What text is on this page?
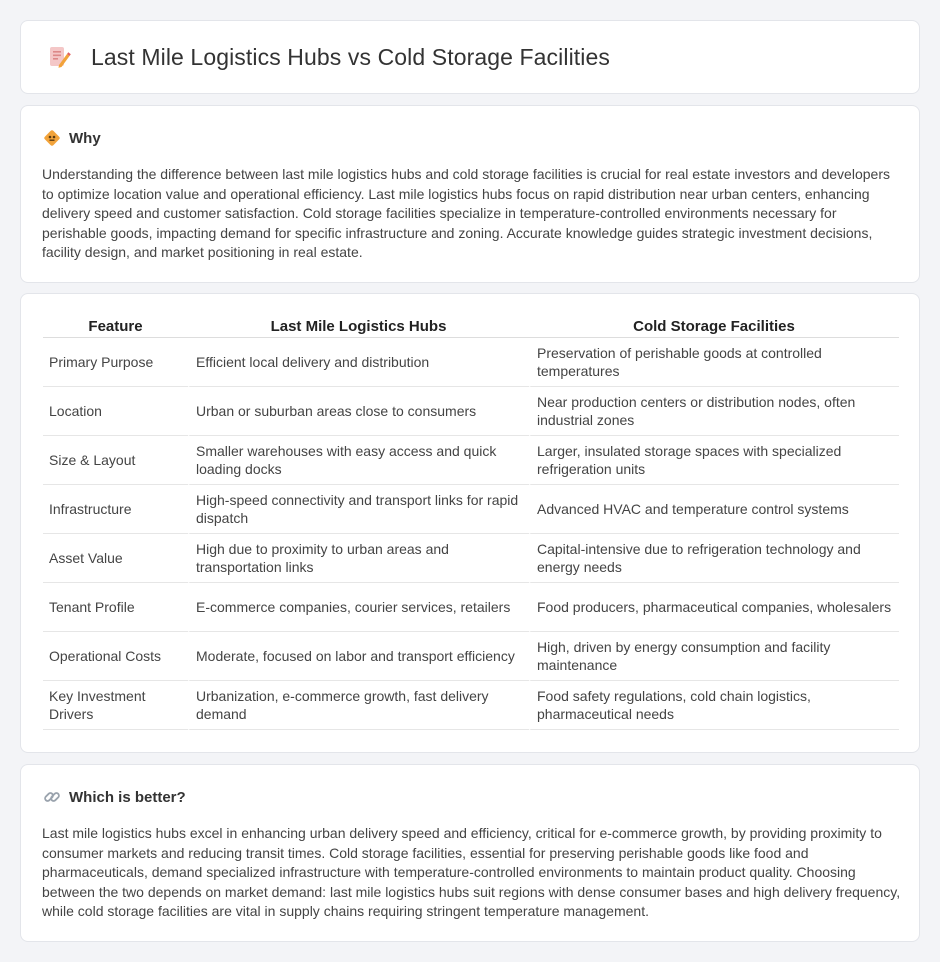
Last Mile Logistics Hubs vs Cold Storage Facilities
Why

Understanding the difference between last mile logistics hubs and cold storage facilities is crucial for real estate investors and developers to optimize location value and operational efficiency. Last mile logistics hubs focus on rapid distribution near urban centers, enhancing delivery speed and customer satisfaction. Cold storage facilities specialize in temperature-controlled environments necessary for perishable goods, impacting demand for specific infrastructure and zoning. Accurate knowledge guides strategic investment decisions, facility design, and market positioning in real estate.

Feature	Last Mile Logistics Hubs	Cold Storage Facilities
Primary Purpose	Efficient local delivery and distribution	Preservation of perishable goods at controlled temperatures
Location	Urban or suburban areas close to consumers	Near production centers or distribution nodes, often industrial zones
Size & Layout	Smaller warehouses with easy access and quick loading docks	Larger, insulated storage spaces with specialized refrigeration units
Infrastructure	High-speed connectivity and transport links for rapid dispatch	Advanced HVAC and temperature control systems
Asset Value	High due to proximity to urban areas and transportation links	Capital-intensive due to refrigeration technology and energy needs
Tenant Profile	E-commerce companies, courier services, retailers	Food producers, pharmaceutical companies, wholesalers
Operational Costs	Moderate, focused on labor and transport efficiency	High, driven by energy consumption and facility maintenance
Key Investment Drivers	Urbanization, e-commerce growth, fast delivery demand	Food safety regulations, cold chain logistics, pharmaceutical needs
Which is better?

Last mile logistics hubs excel in enhancing urban delivery speed and efficiency, critical for e-commerce growth, by providing proximity to consumer markets and reducing transit times. Cold storage facilities, essential for preserving perishable goods like food and pharmaceuticals, demand specialized infrastructure with temperature-controlled environments to maintain product quality. Choosing between the two depends on market demand: last mile logistics hubs suit regions with dense consumer bases and high delivery frequency, while cold storage facilities are vital in supply chains requiring stringent temperature management.
